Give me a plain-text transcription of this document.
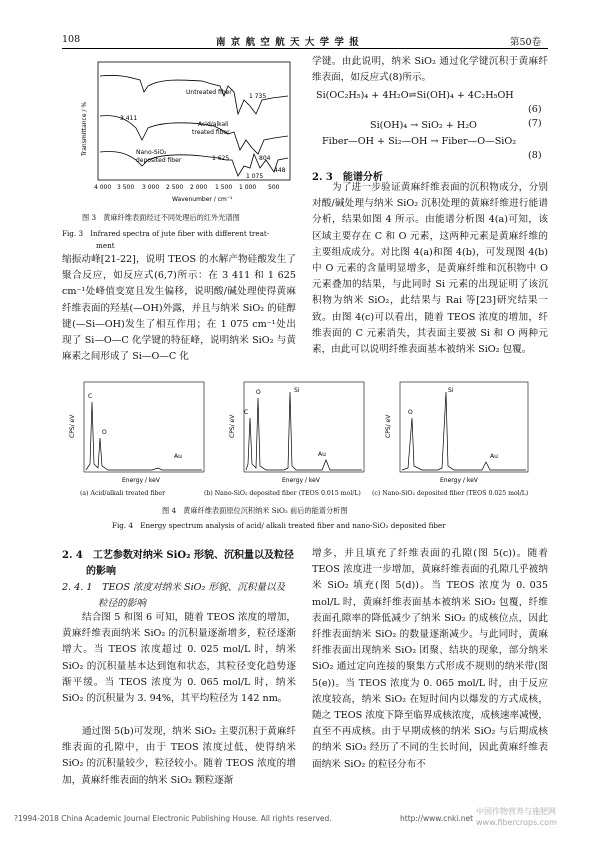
108	南 京 航 空 航 天 大 学 学 报	第50卷
Transmittance / %
Untreated fiber
1 735
3 411
Acid/alkali
treated fiber
Nano-SiO₂
deposited fiber	1 625	804
448
1 075
4 000 3 500 3 000 2 500 2 000 1 500 1 000 500
Wavenumber / cm⁻¹
图 3　黄麻纤维表面经过不同处理后的红外光谱图
Fig. 3　Infrared spectra of jute fiber with different treat-
ment

缩振动峰[21-22]，说明 TEOS 的水解产物硅酸发生了聚合反应，如反应式(6,7)所示：在 3 411 和 1 625 cm⁻¹处峰值变宽且发生偏移，说明酸/碱处理使得黄麻纤维表面的羟基(—OH)外露，并且与纳米 SiO₂ 的硅醇键(—Si—OH)发生了相互作用；在 1 075 cm⁻¹处出现了 Si—O—C 化学键的特征峰，说明纳米 SiO₂ 与黄麻素之间形成了 Si—O—C 化

学键。由此说明，纳米 SiO₂ 通过化学键沉积于黄麻纤维表面，如反应式(8)所示。

Si(OC₂H₅)₄ + 4H₂O⇌Si(OH)₄ + 4C₂H₅OH
(6)
Si(OH)₄ → SiO₂ + H₂O	(7)
Fiber—OH + Si₂—OH → Fiber—O—SiO₂
(8)
2. 3　能谱分析

为了进一步验证黄麻纤维表面的沉积物成分，分别对酸/碱处理与纳米 SiO₂ 沉积处理的黄麻纤维进行能谱分析，结果如图 4 所示。由能谱分析图 4(a)可知，该区域主要存在 C 和 O 元素，这两种元素是黄麻纤维的主要组成成分。对比图 4(a)和图 4(b)，可发现图 4(b)中 O 元素的含量明显增多，是黄麻纤维和沉积物中 O 元素叠加的结果，与此同时 Si 元素的出现证明了该沉积物为纳米 SiO₂，此结果与 Rai 等[23]研究结果一致。由图 4(c)可以看出，随着 TEOS 浓度的增加，纤维表面的 C 元素消失，其表面主要被 Si 和 O 两种元素，由此可以说明纤维表面基本被纳米 SiO₂ 包覆。

CPS/ eV
C
O
Au
Energy / keV
CPS/ eV
C
O	Si
Au
Energy / keV
CPS/ eV
O
Si
Au
Energy / keV
(a) Acid/alkali treated fiber	(b) Nano-SiO₂ deposited fiber (TEOS 0.015 mol/L) (c) Nano-SiO₂ deposited fiber (TEOS 0.025 mol/L)
图 4　黄麻纤维表面原位沉积纳米 SiO₂ 前后的能谱分析图
Fig. 4　Energy spectrum analysis of acid/ alkali treated fiber and nano-SiO₂ deposited fiber
2. 4　工艺参数对纳米 SiO₂ 形貌、沉积量以及粒径
的影响
2. 4. 1　TEOS 浓度对纳米 SiO₂ 形貌、沉积量以及
粒径的影响

结合图 5 和图 6 可知，随着 TEOS 浓度的增加，黄麻纤维表面纳米 SiO₂ 的沉积量逐渐增多，粒径逐渐增大。当 TEOS 浓度超过 0. 025 mol/L 时，纳米 SiO₂ 的沉积量基本达到饱和状态，其粒径变化趋势逐渐平缓。当 TEOS 浓度为 0. 065 mol/L 时，纳米 SiO₂ 的沉积量为 3. 94%，其平均粒径为 142 nm。

通过图 5(b)可发现，纳米 SiO₂ 主要沉积于黄麻纤维表面的孔隙中，由于 TEOS 浓度过低，使得纳米 SiO₂ 的沉积量较少，粒径较小。随着 TEOS 浓度的增加，黄麻纤维表面的纳米 SiO₂ 颗粒逐渐

增多，并且填充了纤维表面的孔隙(图 5(c))。随着 TEOS 浓度进一步增加，黄麻纤维表面的孔隙几乎被纳米 SiO₂ 填充(图 5(d))。当 TEOS 浓度为 0. 035 mol/L 时，黄麻纤维表面基本被纳米 SiO₂ 包覆，纤维表面孔隙率的降低减少了纳米 SiO₂ 的成核位点，因此纤维表面纳米 SiO₂ 的数量逐渐减少。与此同时，黄麻纤维表面出现纳米 SiO₂ 团聚、结块的现象，部分纳米 SiO₂ 通过定向连接的聚集方式形成不规则的纳米带(图 5(e))。当 TEOS 浓度为 0. 065 mol/L 时，由于反应浓度较高，纳米 SiO₂ 在短时间内以爆发的方式成核，随之 TEOS 浓度下降至临界成核浓度，成核速率减慢，直至不再成核。由于早期成核的纳米 SiO₂ 与后期成核的纳米 SiO₂ 经历了不同的生长时间，因此黄麻纤维表面纳米 SiO₂ 的粒径分布不

?1994-2018 China Academic Journal Electronic Publishing House. All rights reserved.	http://www.cnki.net
中国作物营养与施肥网 www.fibercrops.com
